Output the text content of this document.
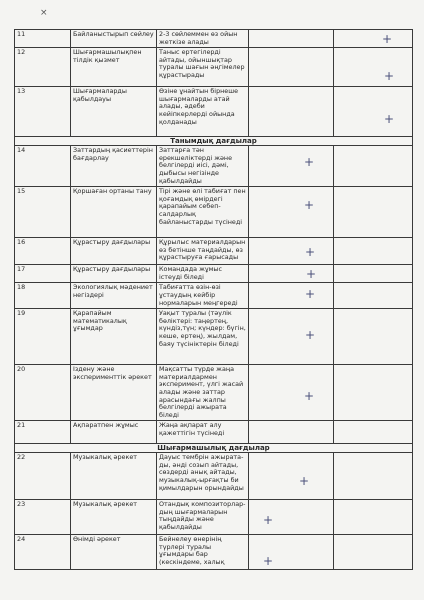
×
11	Байланыстырып сөйлеу	2-3 сөйлеммен өз ойын жеткізе алады		+

12	Шығармашылықпен тілдік қызмет	Таныс ертегілерді айтады, ойыншықтар туралы шағын әңгімелер құрастырады		+

13	Шығармаларды қабылдауы	Өзіне ұнайтын бірнеше шығармаларды атай алады, әдеби кейіпкерлерді ойында қолданады		+

Танымдық дағдылар				
14	Заттардың қасиеттерін бағдарлау	Заттарға тән ерекшеліктерді және белгілерді иісі, дәмі, дыбысы негізінде қабылдайды	+	

15	Қоршаған ортаны тану	Тірі және өлі табиғат пен қоғамдық өмірдегі қарапайым себеп-салдарлық байланыстарды түсінеді	+	

16	Құрастыру дағдылары	Құрылыс материалдарын өз бетінше таңдайды, өз құрастыруға ғарысады	+	

17	Құрастыру дағдылары	Командада жұмыс істеуді біледі	+	

18	Экологиялық мәдениет негіздері	Табиғатта өзін-өзі ұстаудың кейбір нормаларын меңгереді	+	

19	Қарапайым математикалық ұғымдар	Уақыт туралы (тәулік бөліктері: таңертең, күндіз,түн; күндер: бүгін, кеше, ертең), жылдам, баяу түсініктерін біледі	+	

20	Іздену және эксперименттік әрекет	Мақсатты түрде жаңа материалдармен эксперимент, үлгі жасай алады және заттар арасындағы жалпы белгілерді ажырата біледі	+	

21	Ақпаратпен жұмыс	Жаңа ақпарат алу қажеттігін түсінеді		
Шығармашылық дағдылар				
22	Музыкалық әрекет	Дауыс тембрін ажырата-ды, әнді созып айтады, сөздерді анық айтады, музыкалық-ырғақты би қимылдарын орындайды	+	

23	Музыкалық әрекет	Отандық композиторлар-дың шығармаларын тыңдайды және қабылдайды	+	

24	Өнімді әрекет	Бейнелеу өнерінің түрлері туралы ұғымдары бар (кескіндеме, халық	+	
